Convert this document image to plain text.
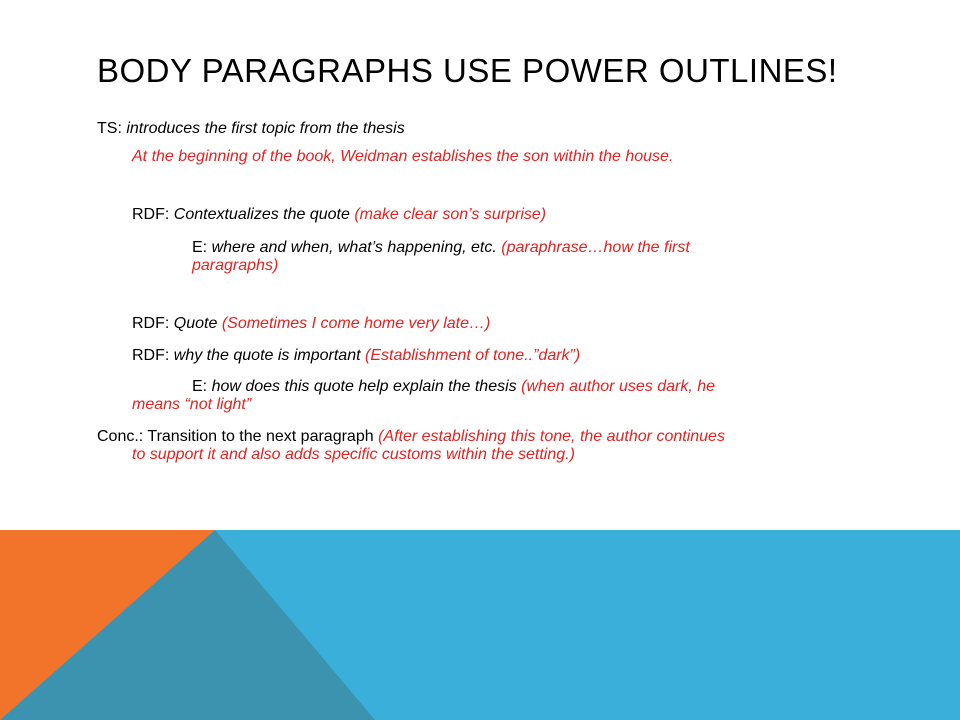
BODY PARAGRAPHS USE POWER OUTLINES!
TS: introduces the first topic from the thesis
At the beginning of the book, Weidman establishes the son within the house.
RDF: Contextualizes the quote (make clear son’s surprise)
E: where and when, what’s happening, etc. (paraphrase…how the first
paragraphs)
RDF: Quote (Sometimes I come home very late…)
RDF: why the quote is important (Establishment of tone..”dark”)
E: how does this quote help explain the thesis (when author uses dark, he
means “not light”
Conc.: Transition to the next paragraph (After establishing this tone, the author continues
to support it and also adds specific customs within the setting.)
